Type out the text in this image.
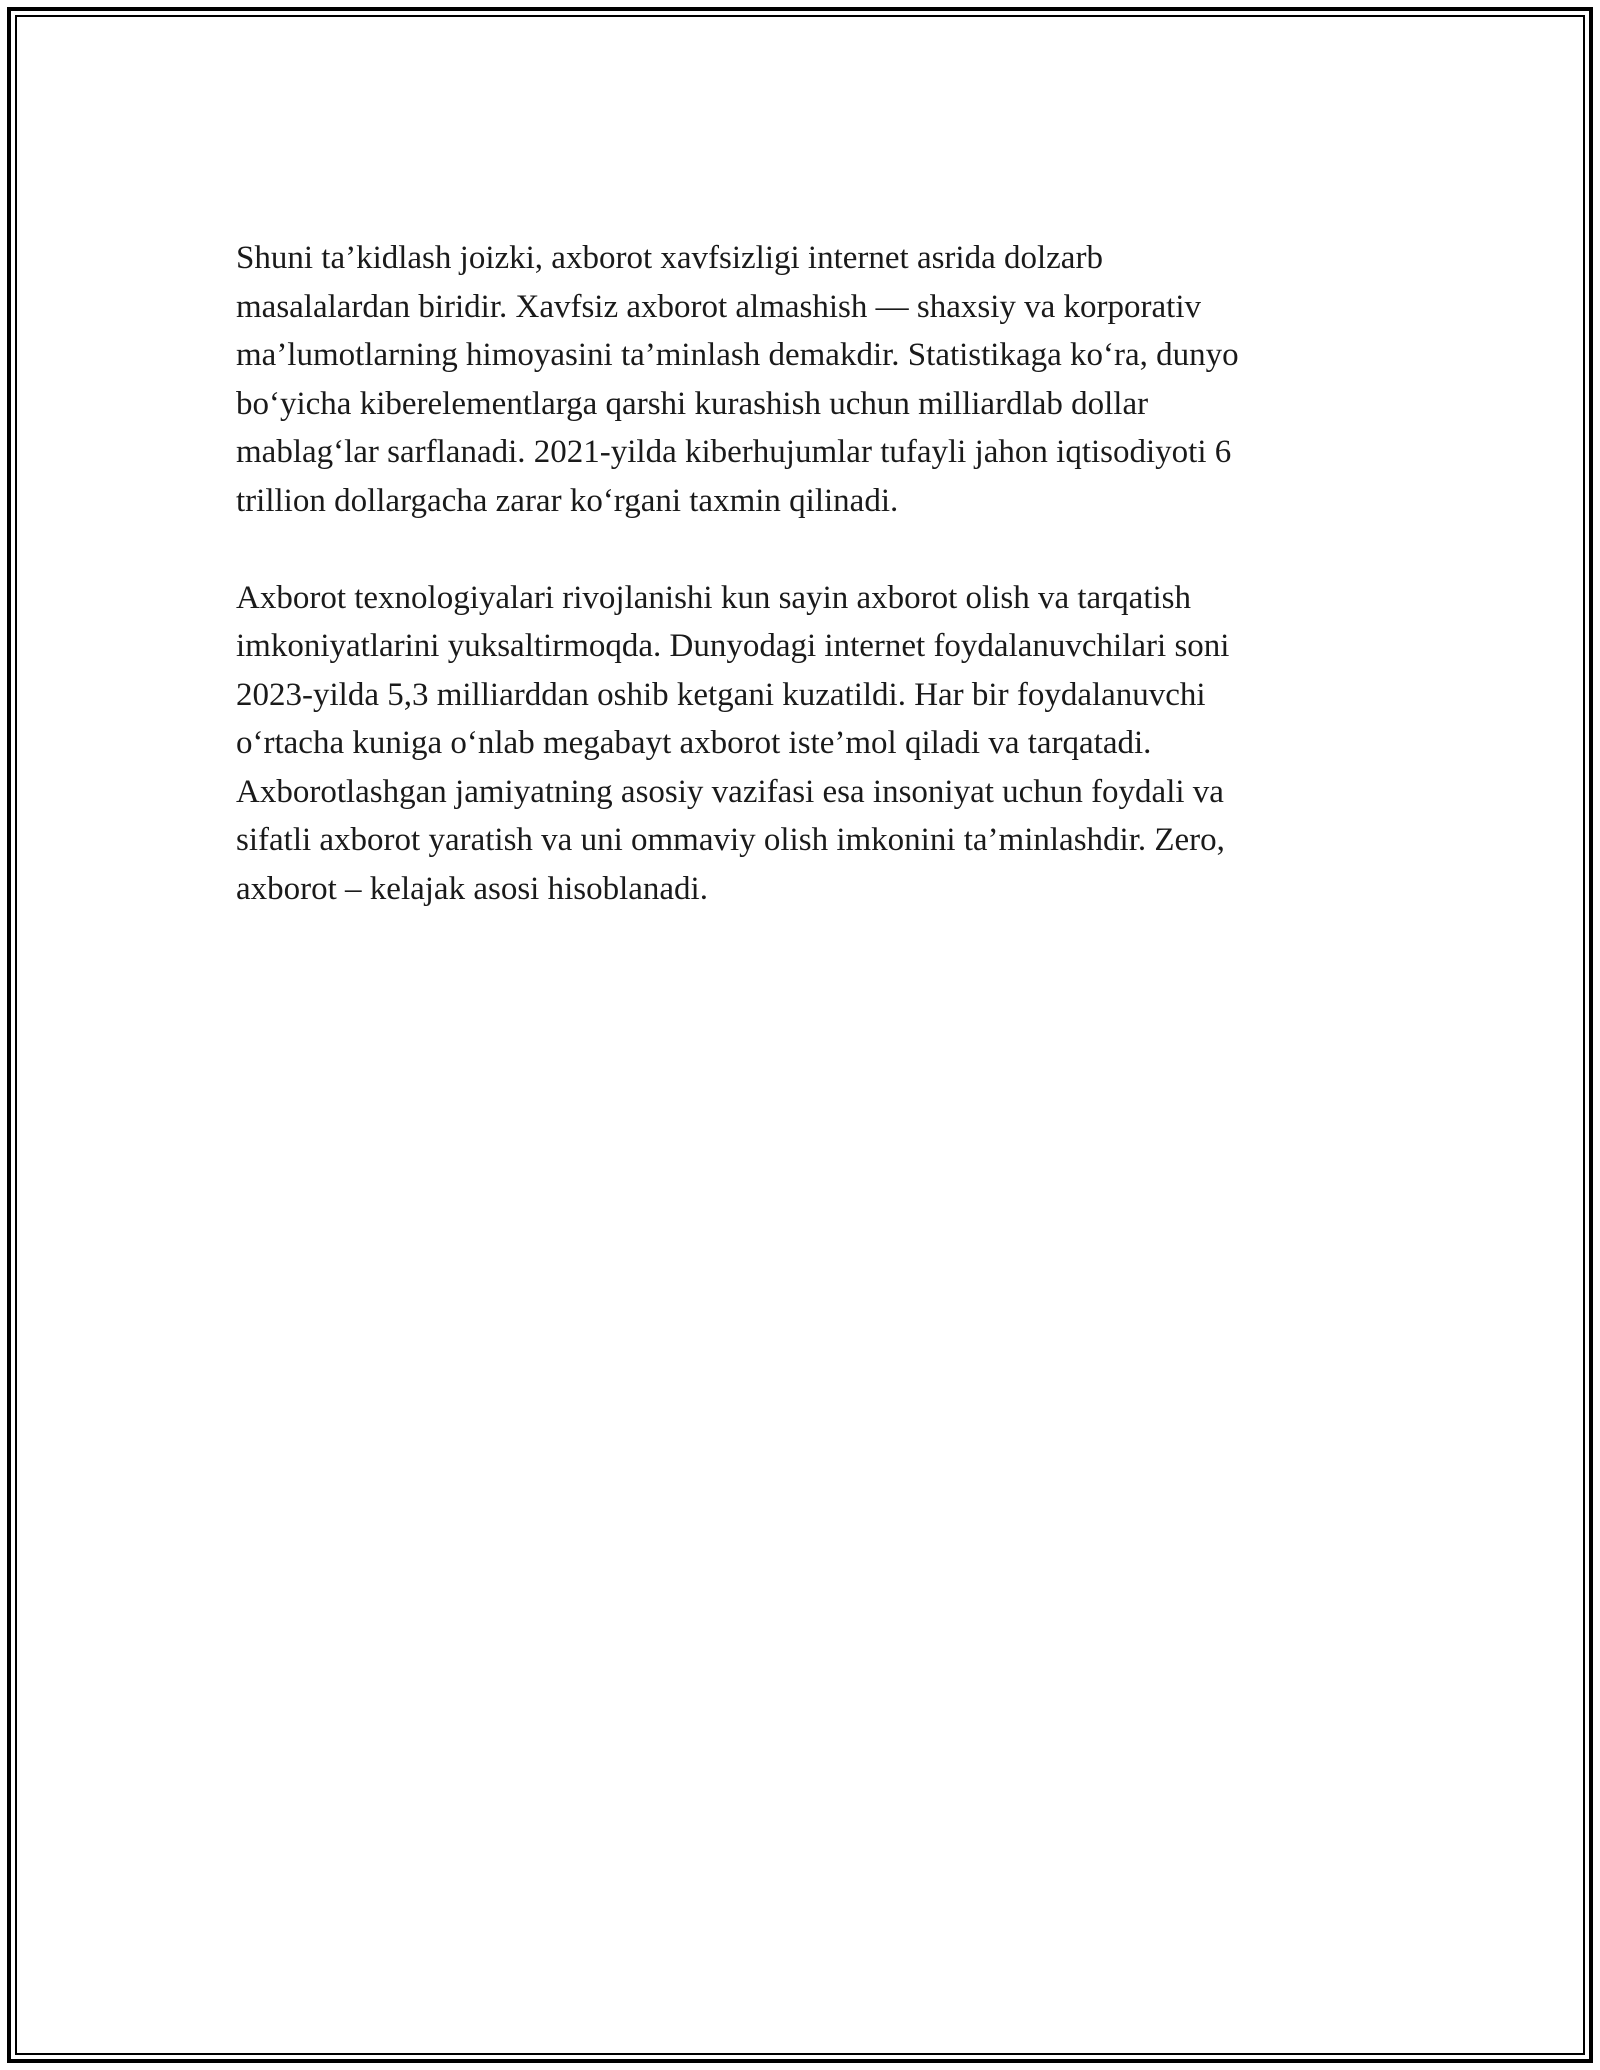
Shuni ta’kidlash joizki, axborot xavfsizligi internet asrida dolzarb
masalalardan biridir. Xavfsiz axborot almashish — shaxsiy va korporativ
ma’lumotlarning himoyasini ta’minlash demakdir. Statistikaga ko‘ra, dunyo
bo‘yicha kiberelementlarga qarshi kurashish uchun milliardlab dollar
mablag‘lar sarflanadi. 2021-yilda kiberhujumlar tufayli jahon iqtisodiyoti 6
trillion dollargacha zarar ko‘rgani taxmin qilinadi.

Axborot texnologiyalari rivojlanishi kun sayin axborot olish va tarqatish
imkoniyatlarini yuksaltirmoqda. Dunyodagi internet foydalanuvchilari soni
2023-yilda 5,3 milliarddan oshib ketgani kuzatildi. Har bir foydalanuvchi
o‘rtacha kuniga o‘nlab megabayt axborot iste’mol qiladi va tarqatadi.
Axborotlashgan jamiyatning asosiy vazifasi esa insoniyat uchun foydali va
sifatli axborot yaratish va uni ommaviy olish imkonini ta’minlashdir. Zero,
axborot – kelajak asosi hisoblanadi.
